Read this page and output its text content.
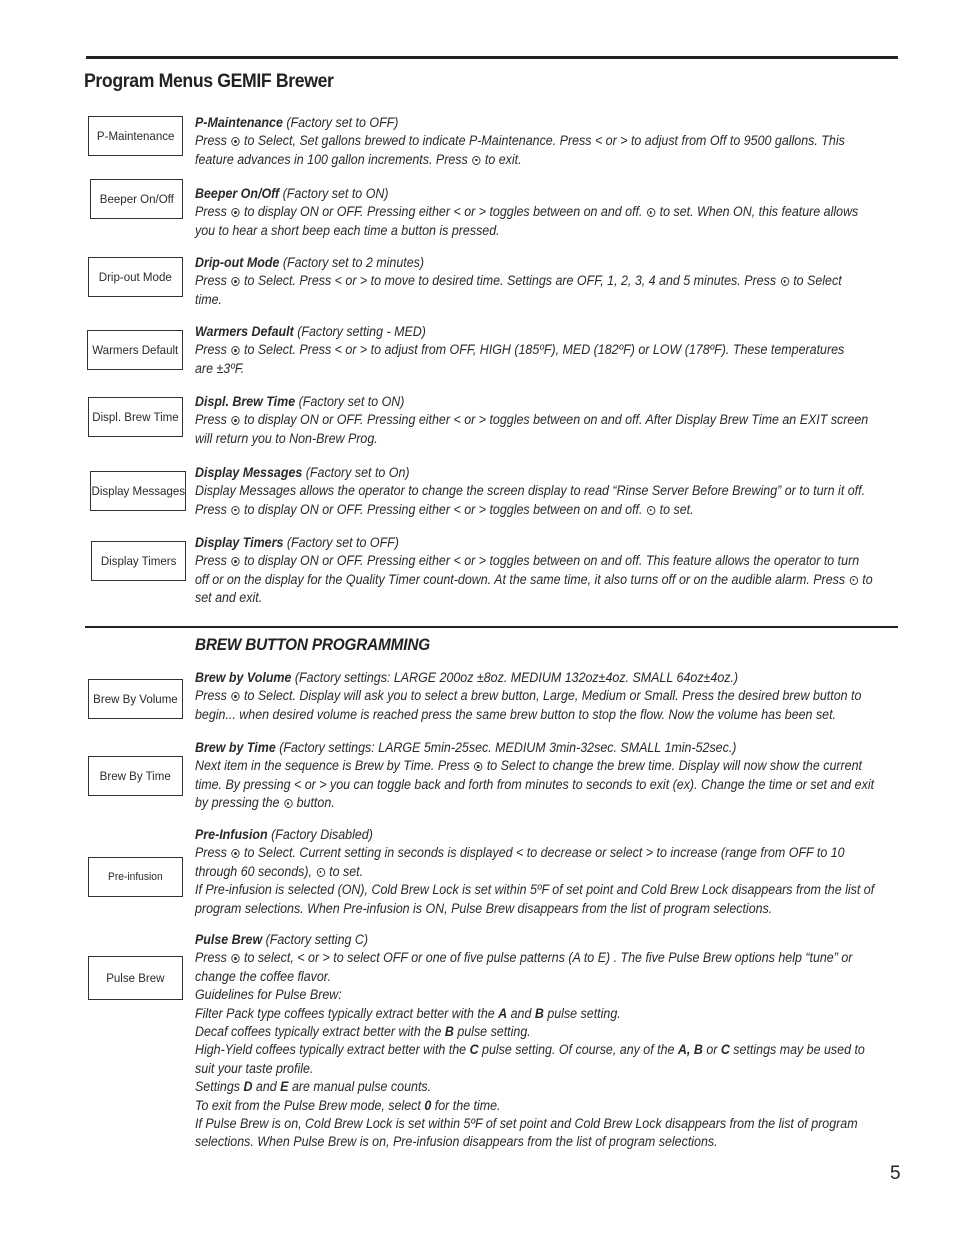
Program Menus GEMIF Brewer
P-Maintenance
Beeper On/Off
Drip-out Mode
Warmers Default
Displ. Brew Time
Display Messages
Display Timers
P-Maintenance (Factory set to OFF)
Press  to Select, Set gallons brewed to indicate P-Maintenance. Press < or > to adjust from Off to 9500 gallons. This
feature advances in 100 gallon increments. Press  to exit.
Beeper On/Off (Factory set to ON)
Press  to display ON or OFF. Pressing either < or > toggles between on and off.  to set. When ON, this feature allows
you to hear a short beep each time a button is pressed.
Drip-out Mode (Factory set to 2 minutes)
Press  to Select. Press < or > to move to desired time. Settings are OFF, 1, 2, 3, 4 and 5 minutes. Press  to Select
time.
Warmers Default (Factory setting - MED)
Press  to Select. Press < or > to adjust from OFF, HIGH (185ºF), MED (182ºF) or LOW (178ºF). These temperatures
are ±3ºF.
Displ. Brew Time (Factory set to ON)
Press  to display ON or OFF. Pressing either < or > toggles between on and off. After Display Brew Time an EXIT screen
will return you to Non-Brew Prog.
Display Messages (Factory set to On)
Display Messages allows the operator to change the screen display to read “Rinse Server Before Brewing” or to turn it off.
Press  to display ON or OFF. Pressing either < or > toggles between on and off.  to set.
Display Timers (Factory set to OFF)
Press  to display ON or OFF. Pressing either < or > toggles between on and off. This feature allows the operator to turn
off or on the display for the Quality Timer count-down. At the same time, it also turns off or on the audible alarm. Press  to
set and exit.
BREW BUTTON PROGRAMMING
Brew By Volume
Brew By Time
Pre-infusion
Pulse Brew
Brew by Volume (Factory settings: LARGE 200oz ±8oz. MEDIUM 132oz±4oz. SMALL 64oz±4oz.)
Press  to Select. Display will ask you to select a brew button, Large, Medium or Small. Press the desired brew button to
begin... when desired volume is reached press the same brew button to stop the flow. Now the volume has been set.
Brew by Time (Factory settings: LARGE 5min-25sec. MEDIUM 3min-32sec. SMALL 1min-52sec.)
Next item in the sequence is Brew by Time. Press  to Select to change the brew time. Display will now show the current
time. By pressing < or > you can toggle back and forth from minutes to seconds to exit (ex). Change the time or set and exit
by pressing the  button.
Pre-Infusion (Factory Disabled)
Press  to Select. Current setting in seconds is displayed < to decrease or select > to increase (range from OFF to 10
through 60 seconds),  to set.
If Pre-infusion is selected (ON), Cold Brew Lock is set within 5ºF of set point and Cold Brew Lock disappears from the list of
program selections. When Pre-infusion is ON, Pulse Brew disappears from the list of program selections.
Pulse Brew (Factory setting C)
Press  to select, < or > to select OFF or one of five pulse patterns (A to E) . The five Pulse Brew options help “tune” or
change the coffee flavor.
Guidelines for Pulse Brew:
Filter Pack type coffees typically extract better with the A and B pulse setting.
Decaf coffees typically extract better with the B pulse setting.
High-Yield coffees typically extract better with the C pulse setting. Of course, any of the A, B or C settings may be used to
suit your taste profile.
Settings D and E are manual pulse counts.
To exit from the Pulse Brew mode, select 0 for the time.
If Pulse Brew is on, Cold Brew Lock is set within 5ºF of set point and Cold Brew Lock disappears from the list of program
selections. When Pulse Brew is on, Pre-infusion disappears from the list of program selections.
5
